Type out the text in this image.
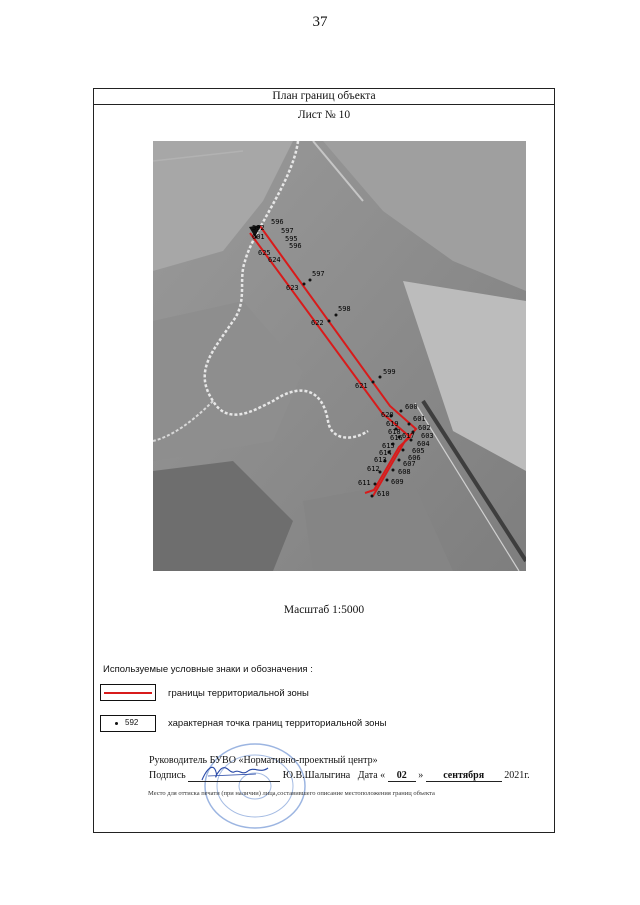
37
План границ объекта
Лист № 10
592
596
597
595
596
601
625
624
597
623
598
622
599
621
600
620	601
619	602
618	603
617
604
616
605
615
606
614
607
613
608
612
609
611
610
Масштаб 1:5000
Используемые условные знаки и обозначения :
границы территориальной зоны
592	характерная точка границ территориальной зоны
Руководитель БУВО «Нормативно-проектный центр»
Подпись	Ю.В.Шалыгина Дата « 02 » сентября 2021г.
Место для оттиска печати (при наличии) лица,составившего описание местоположения границ объекта
